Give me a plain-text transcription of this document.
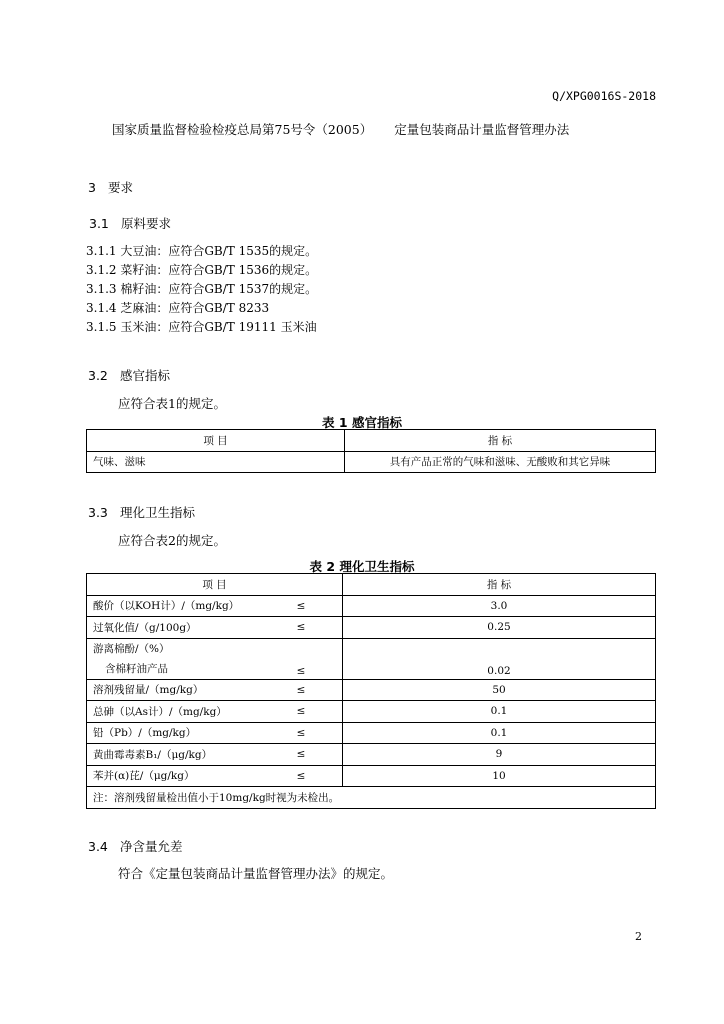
Q/XPG0016S-2018
国家质量监督检验检疫总局第75号令（2005） 定量包装商品计量监督管理办法
3 要求
3.1 原料要求
3.1.1 大豆油：应符合GB/T 1535的规定。
3.1.2 菜籽油：应符合GB/T 1536的规定。
3.1.3 棉籽油：应符合GB/T 1537的规定。
3.1.4 芝麻油：应符合GB/T 8233
3.1.5 玉米油：应符合GB/T 19111 玉米油
3.2 感官指标
应符合表1的规定。
表 1 感官指标
项 目	指 标
气味、滋味	具有产品正常的气味和滋味、无酸败和其它异味
3.3 理化卫生指标
应符合表2的规定。
表 2 理化卫生指标
项 目		指 标
酸价（以KOH计）/（mg/kg）	≤	3.0
过氧化值/（g/100g）	≤	0.25

游离棉酚/（%）
含棉籽油产品	≤	0.02
溶剂残留量/（mg/kg）	≤	50
总砷（以As计）/（mg/kg）	≤	0.1
铅（Pb）/（mg/kg）	≤	0.1
黄曲霉毒素B₁/（μg/kg）	≤	9
苯并(α)芘/（μg/kg）	≤	10
注：溶剂残留量检出值小于10mg/kg时视为未检出。		
3.4 净含量允差
符合《定量包装商品计量监督管理办法》的规定。
2
